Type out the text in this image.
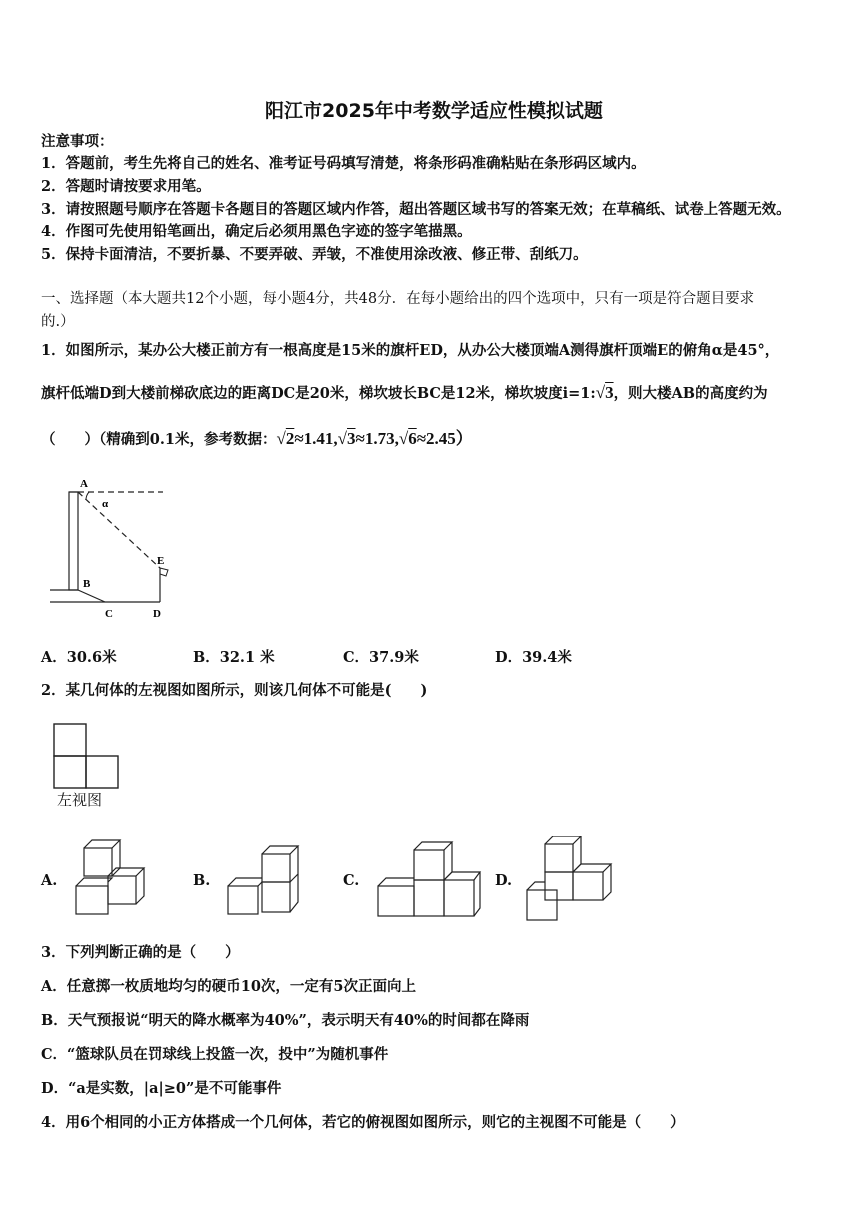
阳江市2025年中考数学适应性模拟试题
注意事项：
1．答题前，考生先将自己的姓名、准考证号码填写清楚，将条形码准确粘贴在条形码区域内。
2．答题时请按要求用笔。
3．请按照题号顺序在答题卡各题目的答题区域内作答，超出答题区域书写的答案无效；在草稿纸、试卷上答题无效。
4．作图可先使用铅笔画出，确定后必须用黑色字迹的签字笔描黑。
5．保持卡面清洁，不要折暴、不要弄破、弄皱，不准使用涂改液、修正带、刮纸刀。
一、选择题（本大题共12个小题，每小题4分，共48分．在每小题给出的四个选项中，只有一项是符合题目要求
的.）
1．如图所示，某办公大楼正前方有一根高度是15米的旗杆ED，从办公大楼顶端A测得旗杆顶端E的俯角α是45°，
旗杆低端D到大楼前梯砍底边的距离DC是20米，梯坎坡长BC是12米，梯坎坡度i=1:√3，则大楼AB的高度约为
（　　）（精确到0.1米，参考数据：√2≈1.41,√3≈1.73,√6≈2.45）
A
α
E
B
C	D
A．30.6米	B．32.1 米	C．37.9米	D．39.4米
2．某几何体的左视图如图所示，则该几何体不可能是(　　)
左视图
A.	B.	C.	D.
3．下列判断正确的是（　　）
A．任意掷一枚质地均匀的硬币10次，一定有5次正面向上
B．天气预报说“明天的降水概率为40%”，表示明天有40%的时间都在降雨
C．“篮球队员在罚球线上投篮一次，投中”为随机事件
D．“a是实数，|a|≥0”是不可能事件
4．用6个相同的小正方体搭成一个几何体，若它的俯视图如图所示，则它的主视图不可能是（　　）
